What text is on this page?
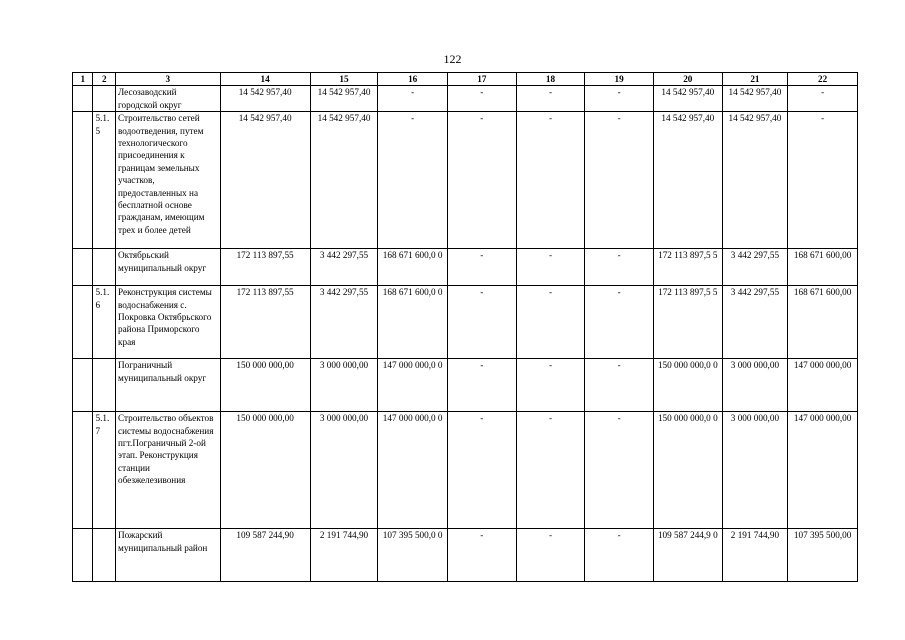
122
1	2	3	14	15	16	17	18	19	20	21	22
		Лесозаводский городской округ	14 542 957,40	14 542 957,40	-	-	-	-	14 542 957,40	14 542 957,40	-
	5.1.5	Строительство сетей водоотведения, путем технологического присоединения к границам земельных участков, предоставленных на бесплатной основе гражданам, имеющим трех и более детей	14 542 957,40	14 542 957,40	-	-	-	-	14 542 957,40	14 542 957,40	-
		Октябрьский муниципальный округ	172 113 897,55	3 442 297,55	168 671 600,0 0	-	-	-	172 113 897,5 5	3 442 297,55	168 671 600,00
	5.1.6	Реконструкция системы водоснабжения с. Покровка Октябрьского района Приморского края	172 113 897,55	3 442 297,55	168 671 600,0 0	-	-	-	172 113 897,5 5	3 442 297,55	168 671 600,00
		Пограничный муниципальный округ	150 000 000,00	3 000 000,00	147 000 000,0 0	-	-	-	150 000 000,0 0	3 000 000,00	147 000 000,00
	5.1.7	Строительство объектов системы водоснабжения пгт.Пограничный 2-ой этап. Реконструкция станции обезжелезивония	150 000 000,00	3 000 000,00	147 000 000,0 0	-	-	-	150 000 000,0 0	3 000 000,00	147 000 000,00
		Пожарский муниципальный район	109 587 244,90	2 191 744,90	107 395 500,0 0	-	-	-	109 587 244,9 0	2 191 744,90	107 395 500,00
